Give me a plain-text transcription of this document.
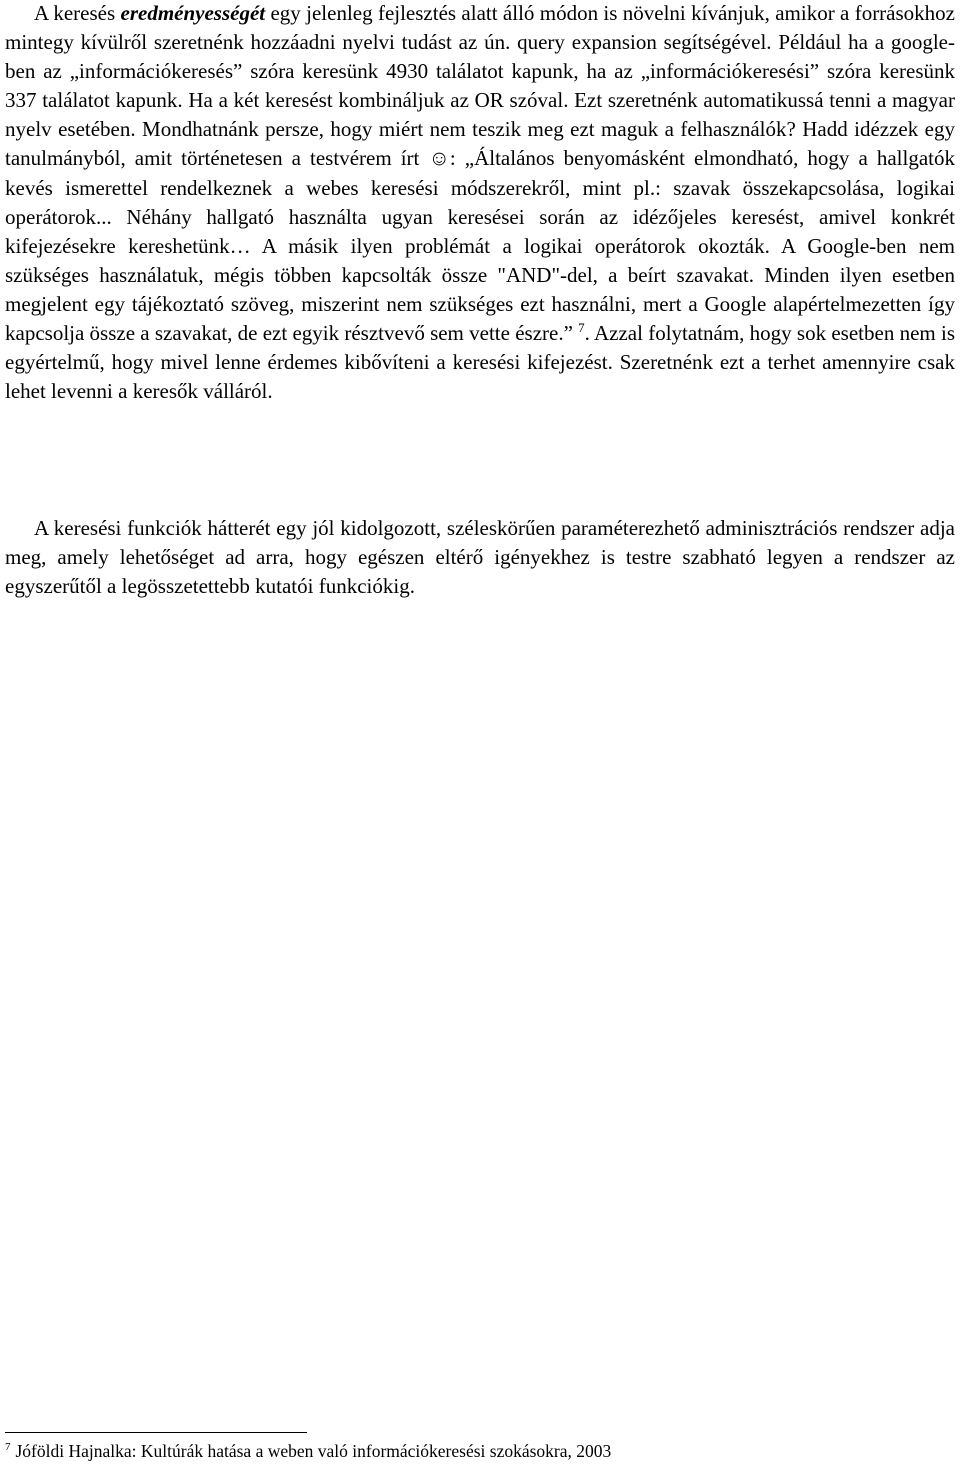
A keresés eredményességét egy jelenleg fejlesztés alatt álló módon is növelni kívánjuk, amikor a forrásokhoz mintegy kívülről szeretnénk hozzáadni nyelvi tudást az ún. query expansion segítségével. Például ha a google-ben az „információkeresés” szóra keresünk 4930 találatot kapunk, ha az „információkeresési” szóra keresünk 337 találatot kapunk. Ha a két keresést kombináljuk az OR szóval. Ezt szeretnénk automatikussá tenni a magyar nyelv esetében. Mondhatnánk persze, hogy miért nem teszik meg ezt maguk a felhasználók? Hadd idézzek egy tanulmányból, amit történetesen a testvérem írt ☺: „Általános benyomásként elmondható, hogy a hallgatók kevés ismerettel rendelkeznek a webes keresési módszerekről, mint pl.: szavak összekapcsolása, logikai operátorok... Néhány hallgató használta ugyan keresései során az idézőjeles keresést, amivel konkrét kifejezésekre kereshetünk… A másik ilyen problémát a logikai operátorok okozták. A Google-ben nem szükséges használatuk, mégis többen kapcsolták össze "AND"-del, a beírt szavakat. Minden ilyen esetben megjelent egy tájékoztató szöveg, miszerint nem szükséges ezt használni, mert a Google alapértelmezetten így kapcsolja össze a szavakat, de ezt egyik résztvevő sem vette észre.” $^7$. Azzal folytatnám, hogy sok esetben nem is egyértelmű, hogy mivel lenne érdemes kibővíteni a keresési kifejezést. Szeretnénk ezt a terhet amennyire csak lehet levenni a keresők válláról.

A keresési funkciók hátterét egy jól kidolgozott, széleskörűen paraméterezhető adminisztrációs rendszer adja meg, amely lehetőséget ad arra, hogy egészen eltérő igényekhez is testre szabható legyen a rendszer az egyszerűtől a legösszetettebb kutatói funkciókig.

$^7$ Jóföldi Hajnalka: Kultúrák hatása a weben való információkeresési szokásokra, 2003
